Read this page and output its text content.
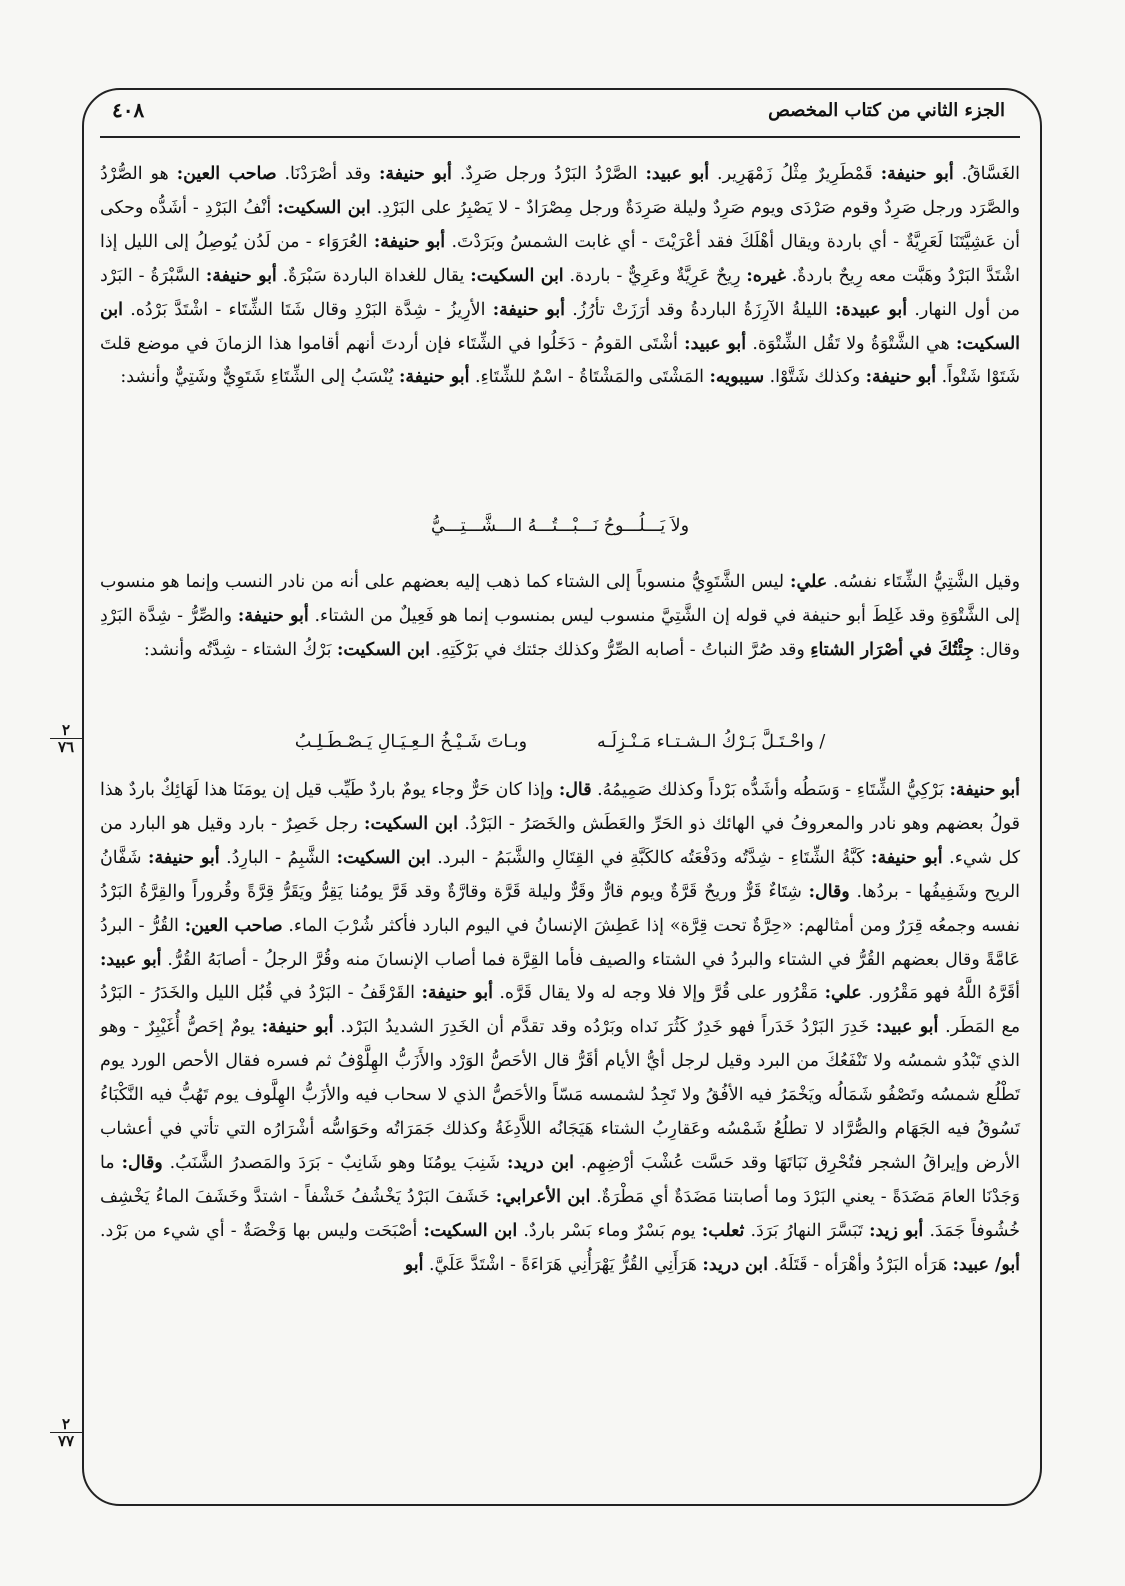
٤٠٨	الجزء الثاني من كتاب المخصص
الغَسَّاقُ. أبو حنيفة: قَمْطَرِيرٌ مِثْلُ زَمْهَرِير. أبو عبيد: الصَّرْدُ البَرْدُ ورجل صَرِدٌ. أبو حنيفة: وقد أصْرَدْنَا. صاحب العين: هو الصُّرْدُ والصَّرَد ورجل صَرِدٌ وقوم صَرْدَى ويوم صَرِدٌ وليلة صَرِدَةٌ ورجل مِصْرَادٌ - لا يَصْبِرُ على البَرْدِ. ابن السكيت: أنْفُ البَرْدِ - أشَدُّه وحكى أن عَشِيَّتَنَا لَعَرِيَّةٌ - أي باردة ويقال أهْلَكَ فقد أعْرَيْتَ - أي غابت الشمسُ وبَرَدْتَ. أبو حنيفة: العُرَوَاء - من لَدُن يُوصِلُ إلى الليل إذا اشْتَدَّ البَرْدُ وهَبَّت معه رِيحٌ باردةٌ. غيره: رِيحٌ عَرِيَّةٌ وعَرِيٌّ - باردة. ابن السكيت: يقال للغداة الباردة سَبْرَةٌ. أبو حنيفة: السَّبْرَةُ - البَرْد من أول النهار. أبو عبيدة: الليلةُ الآرِزَةُ الباردةُ وقد أرَزَتْ تأرُزُ. أبو حنيفة: الأرِيزُ - شِدَّة البَرْدِ وقال شَتَا الشِّتَاء - اشْتَدَّ بَرْدُه. ابن السكيت: هي الشَّتْوَةُ ولا تَقُل الشِّتْوَة. أبو عبيد: أشْتَى القومُ - دَخَلُوا في الشِّتَاء فإن أردتَ أنهم أقاموا هذا الزمانَ في موضع قلتَ شَتَوْا شَتْواً. أبو حنيفة: وكذلك شَتَّوْا. سيبويه: المَشْتَى والمَشْتَاةُ - اسْمٌ للشِّتَاءِ. أبو حنيفة: يُنْسَبُ إلى الشِّتَاءِ شَتَوِيٌّ وشَتِيٌّ وأنشد:
ولاَ يَـــلُـــوحُ نَـــبْـــتُـــهُ الـــشَّـــتِـــيُّ
وقيل الشَّتِيُّ الشِّتَاء نفسُه. علي: ليس الشَّتَوِيُّ منسوباً إلى الشتاء كما ذهب إليه بعضهم على أنه من نادر النسب وإنما هو منسوب إلى الشَّتْوَةِ وقد غَلِطَ أبو حنيفة في قوله إن الشَّتِيَّ منسوب ليس بمنسوب إنما هو فَعِيلٌ من الشتاء. أبو حنيفة: والصِّرُّ - شِدَّة البَرْدِ وقال: جِئْتُكَ في أصْرَار الشتاءِ وقد صُرَّ النباتُ - أصابه الصِّرُّ وكذلك جئتك في بَرْكَتِهِ. ابن السكيت: بَرْكُ الشتاء - شِدَّتُه وأنشد:
/ واحْـتَـلَّ بَـرْكُ الـشـتـاء مَـنْـزِلَـه
وبـاتَ شَـيْـخُ الـعِـيَـالِ يَـصْـطَـلِـبُ
٢
٧٦
أبو حنيفة: بَرْكِيُّ الشِّتَاءِ - وَسَطُه وأشَدُّه بَرْداً وكذلك صَمِيمُهُ. قال: وإذا كان حَرٌّ وجاء يومٌ باردٌ طَيِّب قيل إن يومَنَا هذا لَهَائِكٌ باردٌ هذا قولُ بعضهم وهو نادر والمعروفُ في الهائك ذو الحَرِّ والعَطَش والخَصَرُ - البَرْدُ. ابن السكيت: رجل خَصِرٌ - بارد وقيل هو البارد من كل شيء. أبو حنيفة: كَبَّةُ الشِّتَاءِ - شِدَّتُه ودَفْعَتُه كالكَبَّةِ في القِتَالِ والشَّبَمُ - البرد. ابن السكيت: الشَّبِمُ - البارِدُ. أبو حنيفة: شَفَّانُ الريح وشَفِيفُها - بردُها. وقال: شِتَاءٌ قَرٌّ وريحٌ قَرَّةٌ ويوم قارٌّ وقَرٌّ وليلة قَرَّة وقارَّةٌ وقد قَرَّ يومُنا يَقِرُّ ويَقَرُّ قِرَّةً وقُروراً والقِرَّةُ البَرْدُ نفسه وجمعُه قِرَرٌ ومن أمثالهم: «حِرَّةٌ تحت قِرَّة» إذا عَطِشَ الإنسانُ في اليوم البارد فأكثر شُرْبَ الماء. صاحب العين: القُرُّ - البردُ عَامَّةً وقال بعضهم القُرُّ في الشتاء والبردُ في الشتاء والصيف فأما القِرَّة فما أصاب الإنسانَ منه وقُرَّ الرجلُ - أصابَهُ القُرُّ. أبو عبيد: أقَرَّهُ اللَّهُ فهو مَقْرُور. علي: مَقْرُور على قُرَّ وإلا فلا وجه له ولا يقال قَرَّه. أبو حنيفة: القَرْقَفُ - البَرْدُ في قُبُل الليل والخَدَرُ - البَرْدُ مع المَطَر. أبو عبيد: خَدِرَ البَرْدُ خَدَراً فهو خَدِرٌ كَثُرَ نَداه وبَرْدُه وقد تقدَّم أن الخَدِرَ الشديدُ البَرْد. أبو حنيفة: يومٌ إحَصُّ أُغَيْبِرٌ - وهو الذي تَبْدُو شمسُه ولا تَنْفَعُكَ من البرد وقيل لرجل أيُّ الأيام أقَرُّ قال الأحَصُّ الوَرْد والأَزَبُّ الهِلَّوْفُ ثم فسره فقال الأحص الورد يوم تَطْلُع شمسُه وتَصْفُو شَمَالُه ويَخْمَرُ فيه الأفُقُ ولا تَجِدُ لشمسه مَسّاً والأحَصُّ الذي لا سحاب فيه والأزَبُّ الهِلَّوف يوم تَهُبُّ فيه النَّكْبَاءُ تَسُوقُ فيه الجَهَام والصُّرَّاد لا تطلُعُ شَمْسُه وعَقارِبُ الشتاء هَيَجَانُه اللاَّدِغَةُ وكذلك جَمَرَاتُه وحَوَاسُّه أشْرَارُه التي تأتي في أعشاب الأرض وإيراقُ الشجر فتُحْرِق نَبَاتَهَا وقد حَسَّت عُشْبَ أرْضِهِم. ابن دريد: شَنِبَ يومُنَا وهو شَانِبٌ - بَرَدَ والمَصدرُ الشَّنَبُ. وقال: ما وَجَدْنَا العامَ مَضَدَةً - يعني البَرْدَ وما أصابتنا مَضَدَةٌ أي مَطْرَةٌ. ابن الأعرابي: خَشَفَ البَرْدُ يَخْشُفُ خَشْفاً - اشتدَّ وخَشَفَ الماءُ يَخْشِف خُشُوفاً جَمَدَ. أبو زيد: تَبَسَّرَ النهارُ بَرَدَ. ثعلب: يوم بَسْرٌ وماء بَسْر باردٌ. ابن السكيت: أصْبَحَت وليس بها وَخْصَةٌ - أي شيء من بَرْد. أبو/ عبيد: هَرَأه البَرْدُ وأهْرَأه - قَتَلَهُ. ابن دريد: هَرَأَنِي القُرُّ يَهْرَأُنِي هَرَاءَةً - اشْتَدَّ عَلَيَّ. أبو
٢
٧٧
